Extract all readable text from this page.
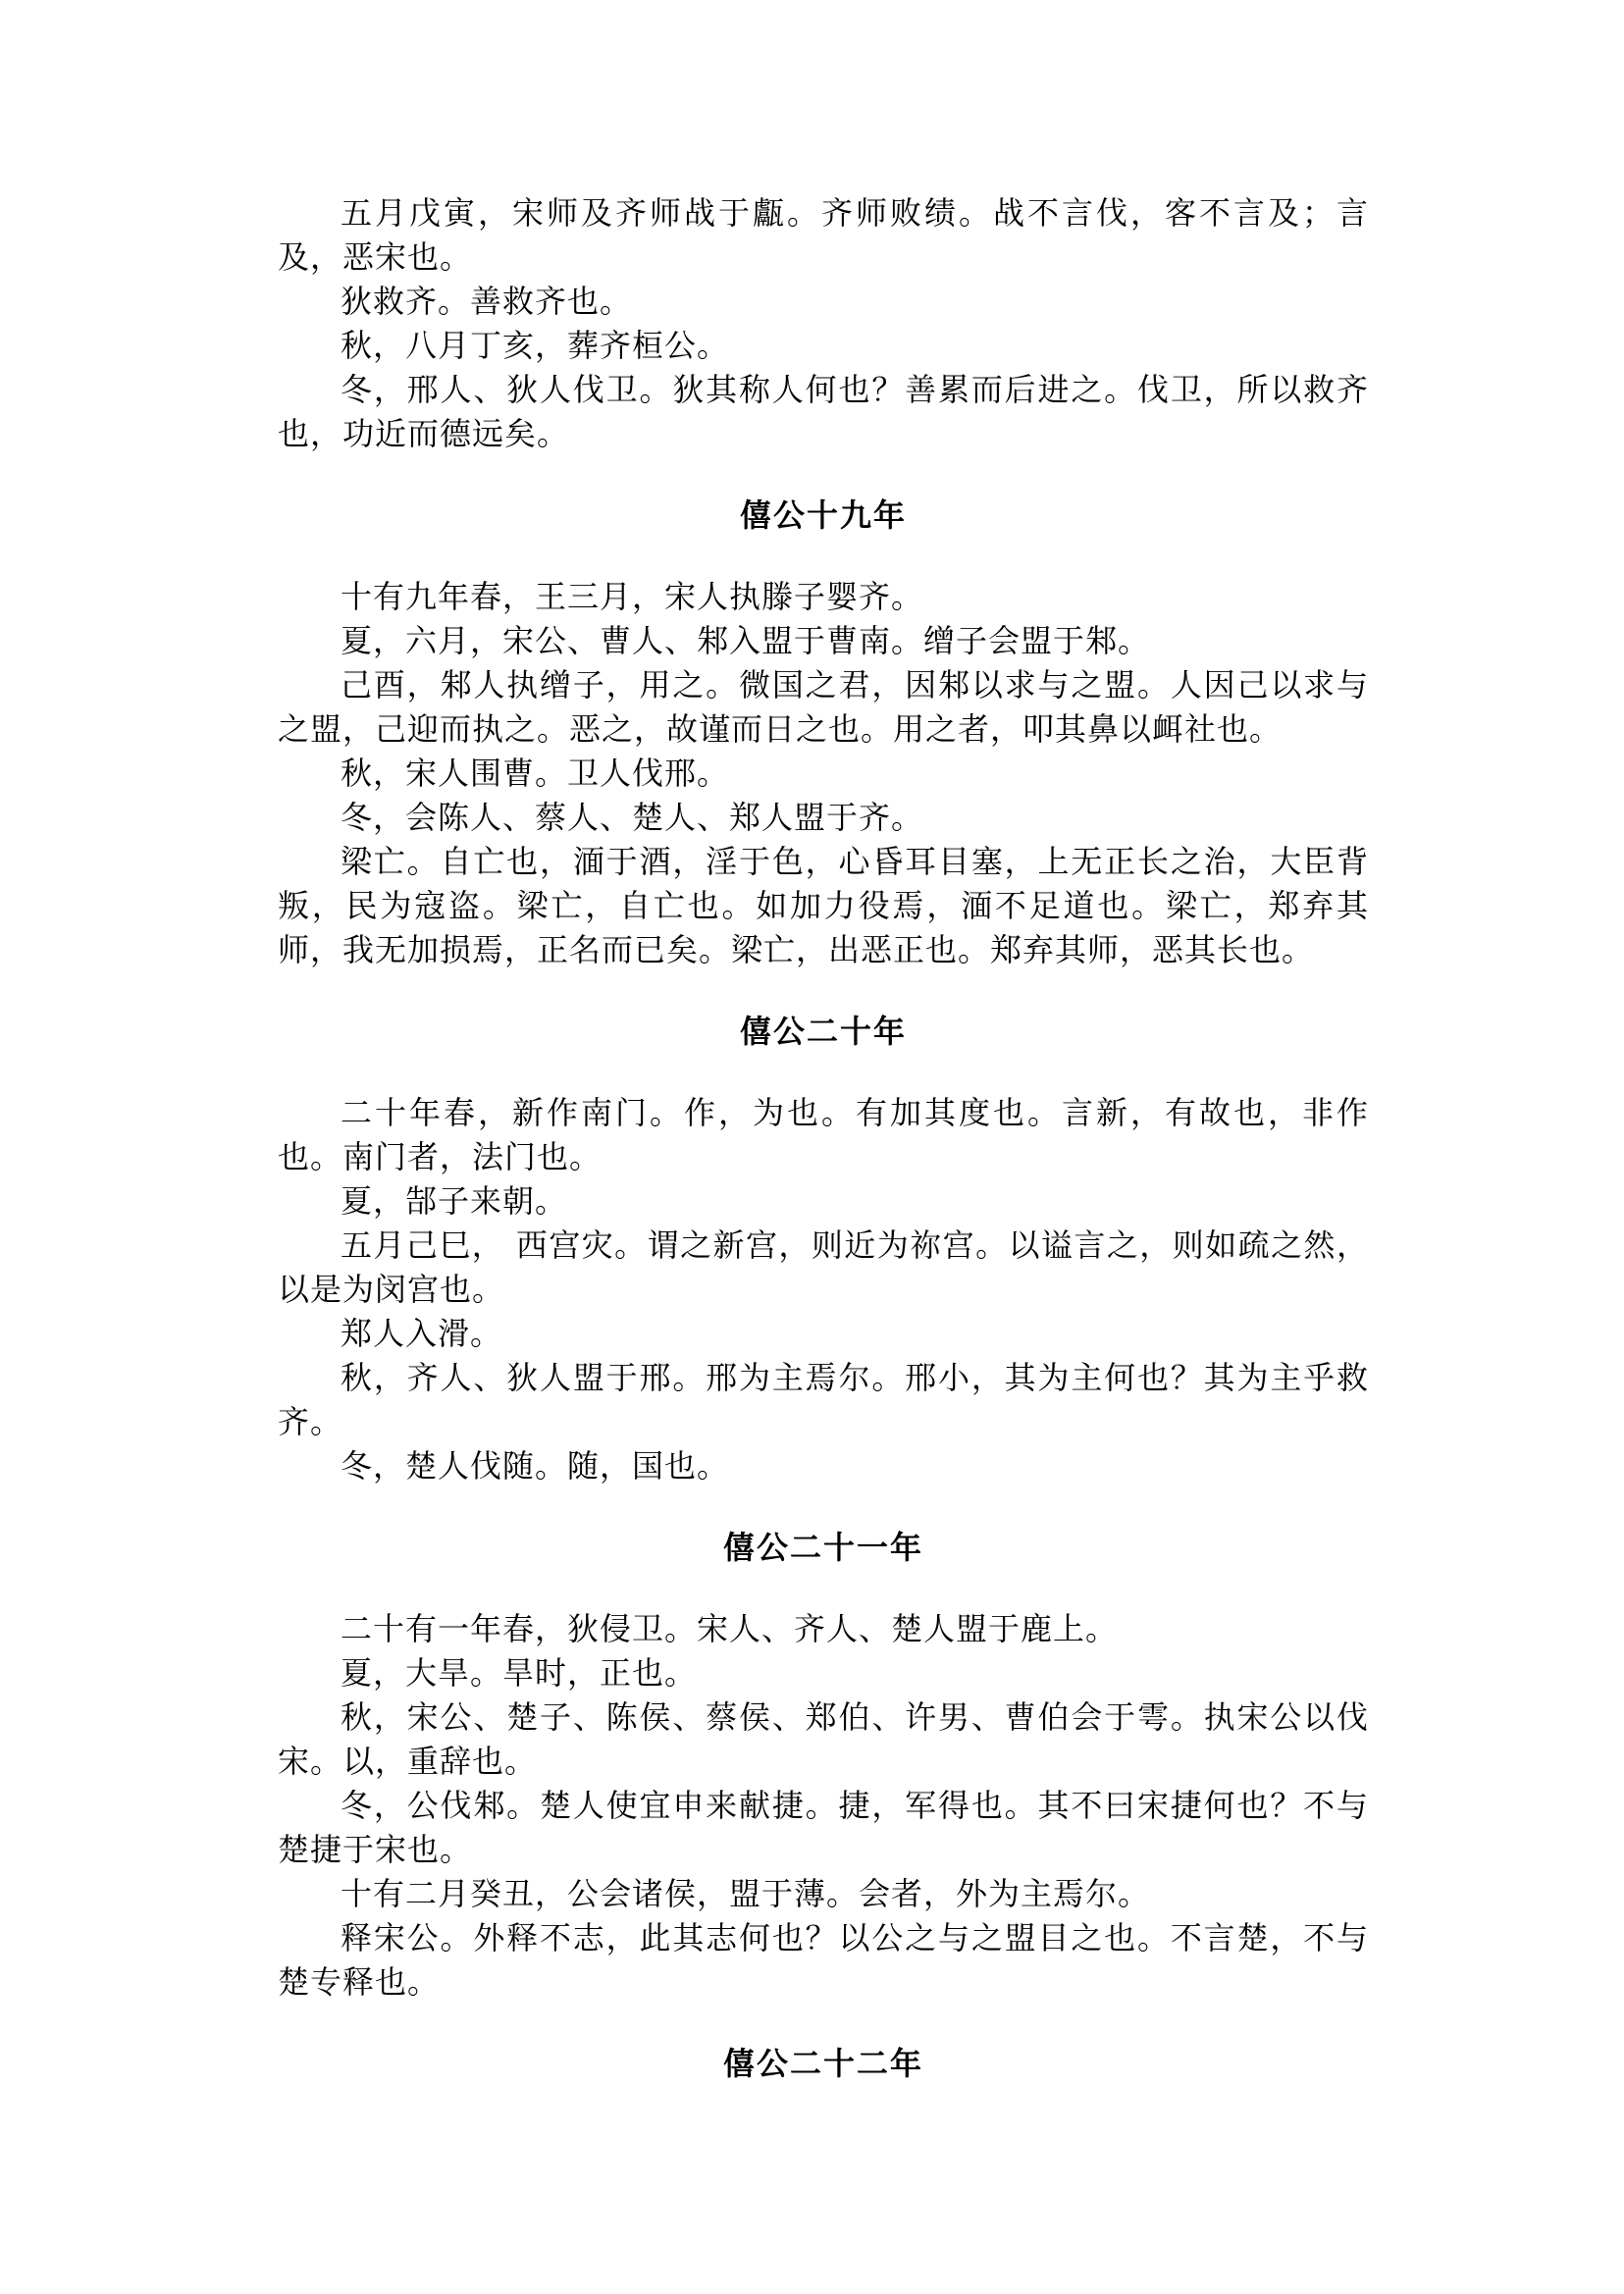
五月戊寅，宋师及齐师战于甗。齐师败绩。战不言伐，客不言及；言及，恶宋也。

狄救齐。善救齐也。

秋，八月丁亥，葬齐桓公。

冬，邢人、狄人伐卫。狄其称人何也？善累而后进之。伐卫，所以救齐也，功近而德远矣。

僖公十九年

十有九年春，王三月，宋人执滕子婴齐。

夏，六月，宋公、曹人、邾入盟于曹南。缯子会盟于邾。

己酉，邾人执缯子，用之。微国之君，因邾以求与之盟。人因己以求与之盟，己迎而执之。恶之，故谨而日之也。用之者，叩其鼻以衈社也。

秋，宋人围曹。卫人伐邢。

冬，会陈人、蔡人、楚人、郑人盟于齐。

梁亡。自亡也，湎于酒，淫于色，心昏耳目塞，上无正长之治，大臣背叛，民为寇盗。梁亡，自亡也。如加力役焉，湎不足道也。梁亡，郑弃其师，我无加损焉，正名而已矣。梁亡，出恶正也。郑弃其师，恶其长也。

僖公二十年

二十年春，新作南门。作，为也。有加其度也。言新，有故也，非作也。南门者，法门也。

夏，郜子来朝。

五月己巳， 西宫灾。谓之新宫，则近为祢宫。以谥言之，则如疏之然，以是为闵宫也。

郑人入滑。

秋，齐人、狄人盟于邢。邢为主焉尔。邢小，其为主何也？其为主乎救齐。

冬，楚人伐随。随，国也。

僖公二十一年

二十有一年春，狄侵卫。宋人、齐人、楚人盟于鹿上。

夏，大旱。旱时，正也。

秋，宋公、楚子、陈侯、蔡侯、郑伯、许男、曹伯会于雩。执宋公以伐宋。以，重辞也。

冬，公伐邾。楚人使宜申来献捷。捷，军得也。其不曰宋捷何也？不与楚捷于宋也。

十有二月癸丑，公会诸侯，盟于薄。会者，外为主焉尔。

释宋公。外释不志，此其志何也？以公之与之盟目之也。不言楚，不与楚专释也。

僖公二十二年
